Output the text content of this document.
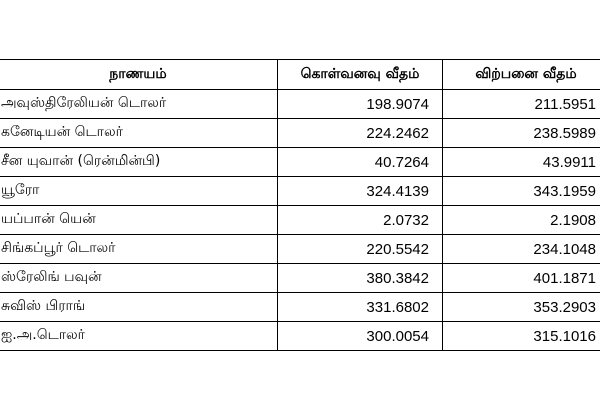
நாணயம்	கொள்வனவு வீதம்	விற்பனை வீதம்
அவுஸ்திரேலியன் டொலர்	198.9074	211.5951
கனேடியன் டொலர்	224.2462	238.5989
சீன யுவான் (ரென்மின்பி)	40.7264	43.9911
யூரோ	324.4139	343.1959
யப்பான் யென்	2.0732	2.1908
சிங்கப்பூர் டொலர்	220.5542	234.1048
ஸ்ரேலிங் பவுன்	380.3842	401.1871
சுவிஸ் பிராங்	331.6802	353.2903
ஐ.அ.டொலர்	300.0054	315.1016
